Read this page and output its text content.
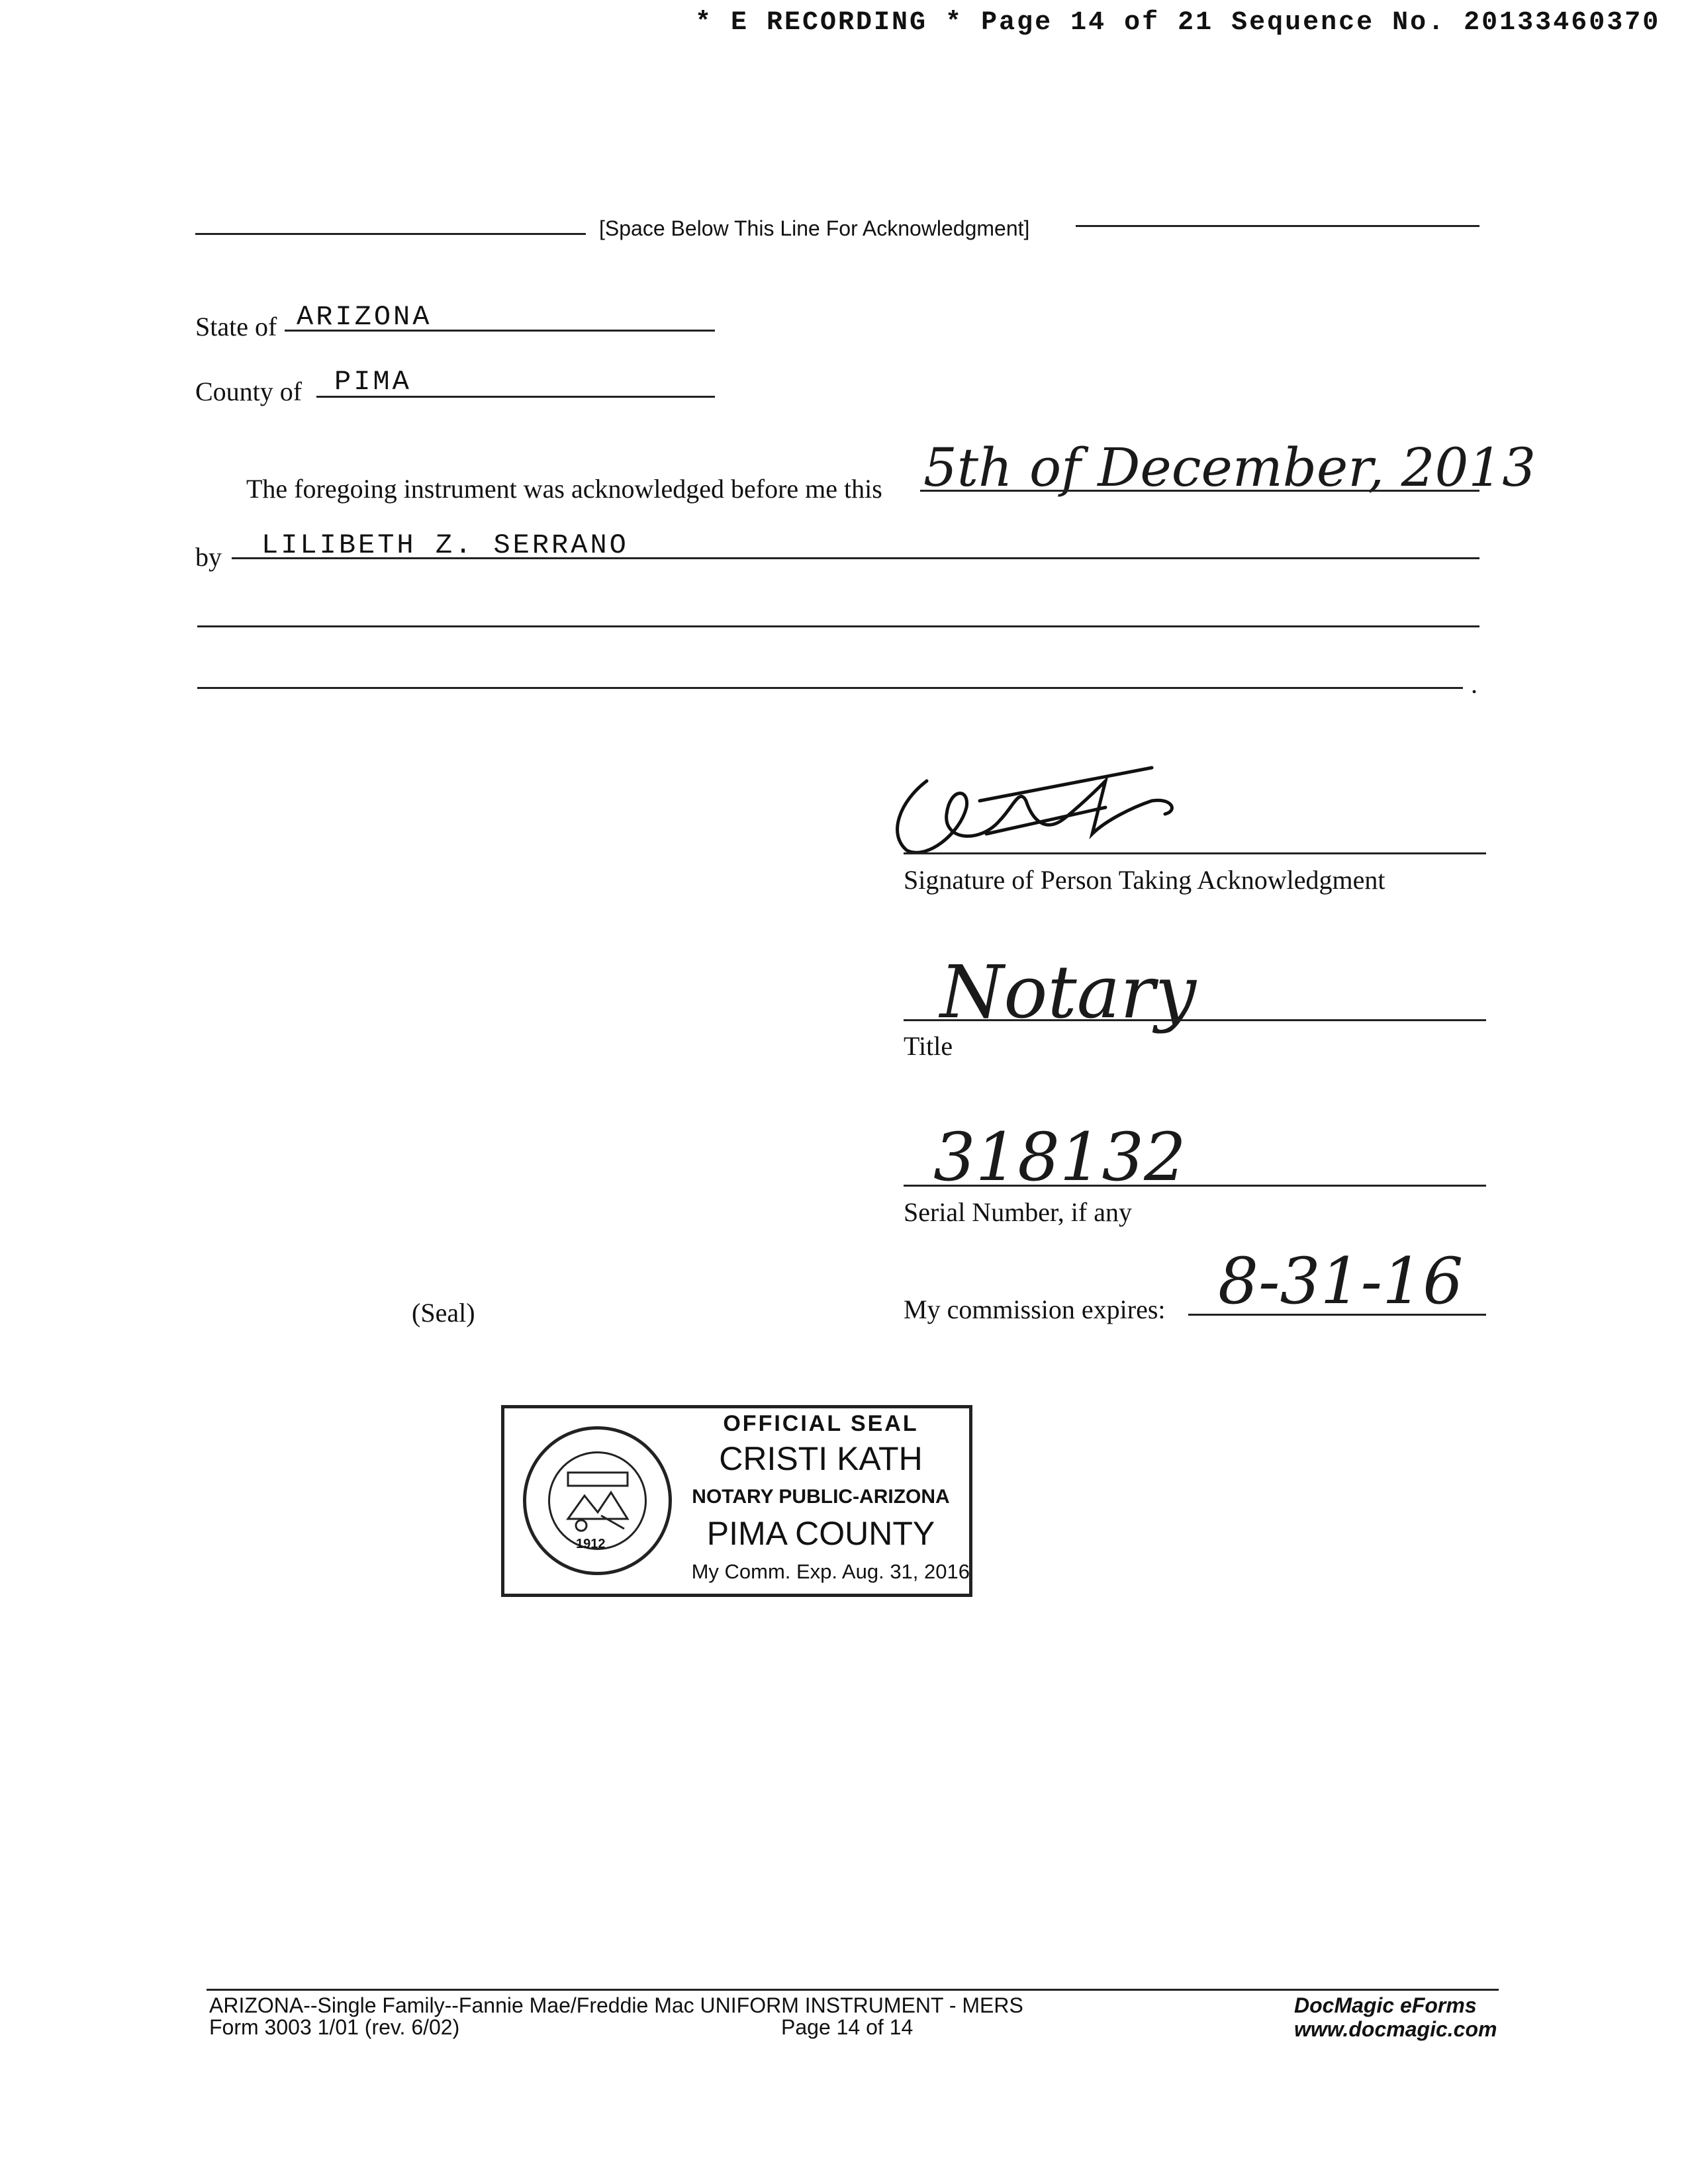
* E RECORDING * Page 14 of 21 Sequence No. 20133460370
[Space Below This Line For Acknowledgment]
State of ARIZONA
County of PIMA
The foregoing instrument was acknowledged before me this 5th of December, 2013
by LILIBETH Z. SERRANO
.
Signature of Person Taking Acknowledgment
Notary
Title
318132
Serial Number, if any
(Seal)	My commission expires: 8-31-16
1912
OFFICIAL SEAL
CRISTI KATH
NOTARY PUBLIC-ARIZONA
PIMA COUNTY
My Comm. Exp. Aug. 31, 2016
ARIZONA--Single Family--Fannie Mae/Freddie Mac UNIFORM INSTRUMENT - MERS
Form 3003 1/01 (rev. 6/02)	Page 14 of 14
DocMagic eForms
www.docmagic.com
